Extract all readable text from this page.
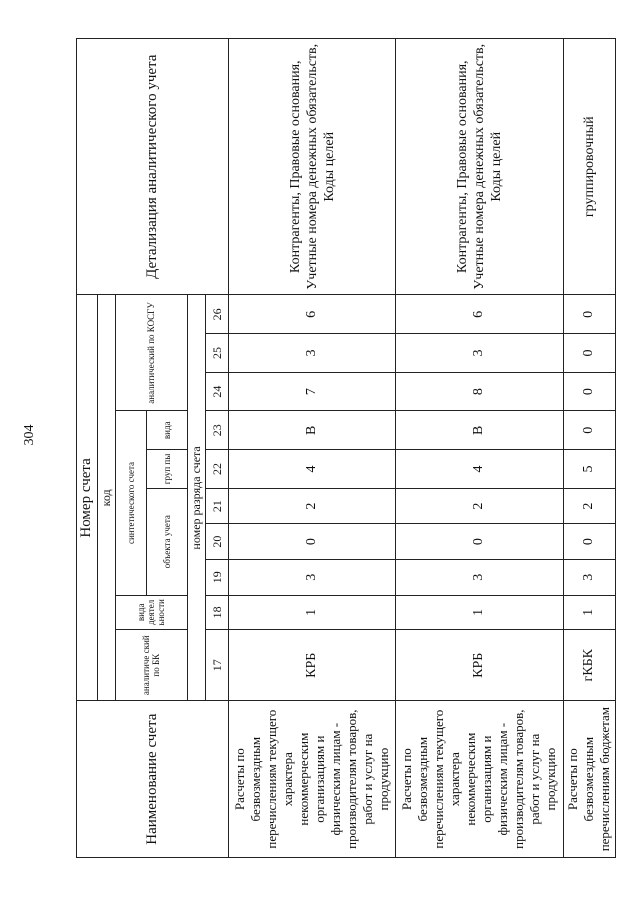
304
Наименование счета	Номер счета										Детализация аналитического учета
	код										
	аналитиче ский по БК	вида деятел ьности	синтетического счета					аналитический по КОСГУ			
			объекта учета			груп пы	вида				
	номер разряда счета										
	17	18	19	20	21	22	23	24	25	26	
Расчеты по безвозмездным перечислениям текущего характера некоммерческим организациям и физическим лицам - производителям товаров, работ и услуг на продукцию	КРБ	1	3	0	2	4	В	7	3	6	Контрагенты, Правовые основания, Учетные номера денежных обязательств, Коды целей
Расчеты по безвозмездным перечислениям текущего характера некоммерческим организациям и физическим лицам - производителям товаров, работ и услуг на продукцию	КРБ	1	3	0	2	4	В	8	3	6	Контрагенты, Правовые основания, Учетные номера денежных обязательств, Коды целей
Расчеты по безвозмездным перечислениям бюджетам	гКБК	1	3	0	2	5	0	0	0	0	группировочный
